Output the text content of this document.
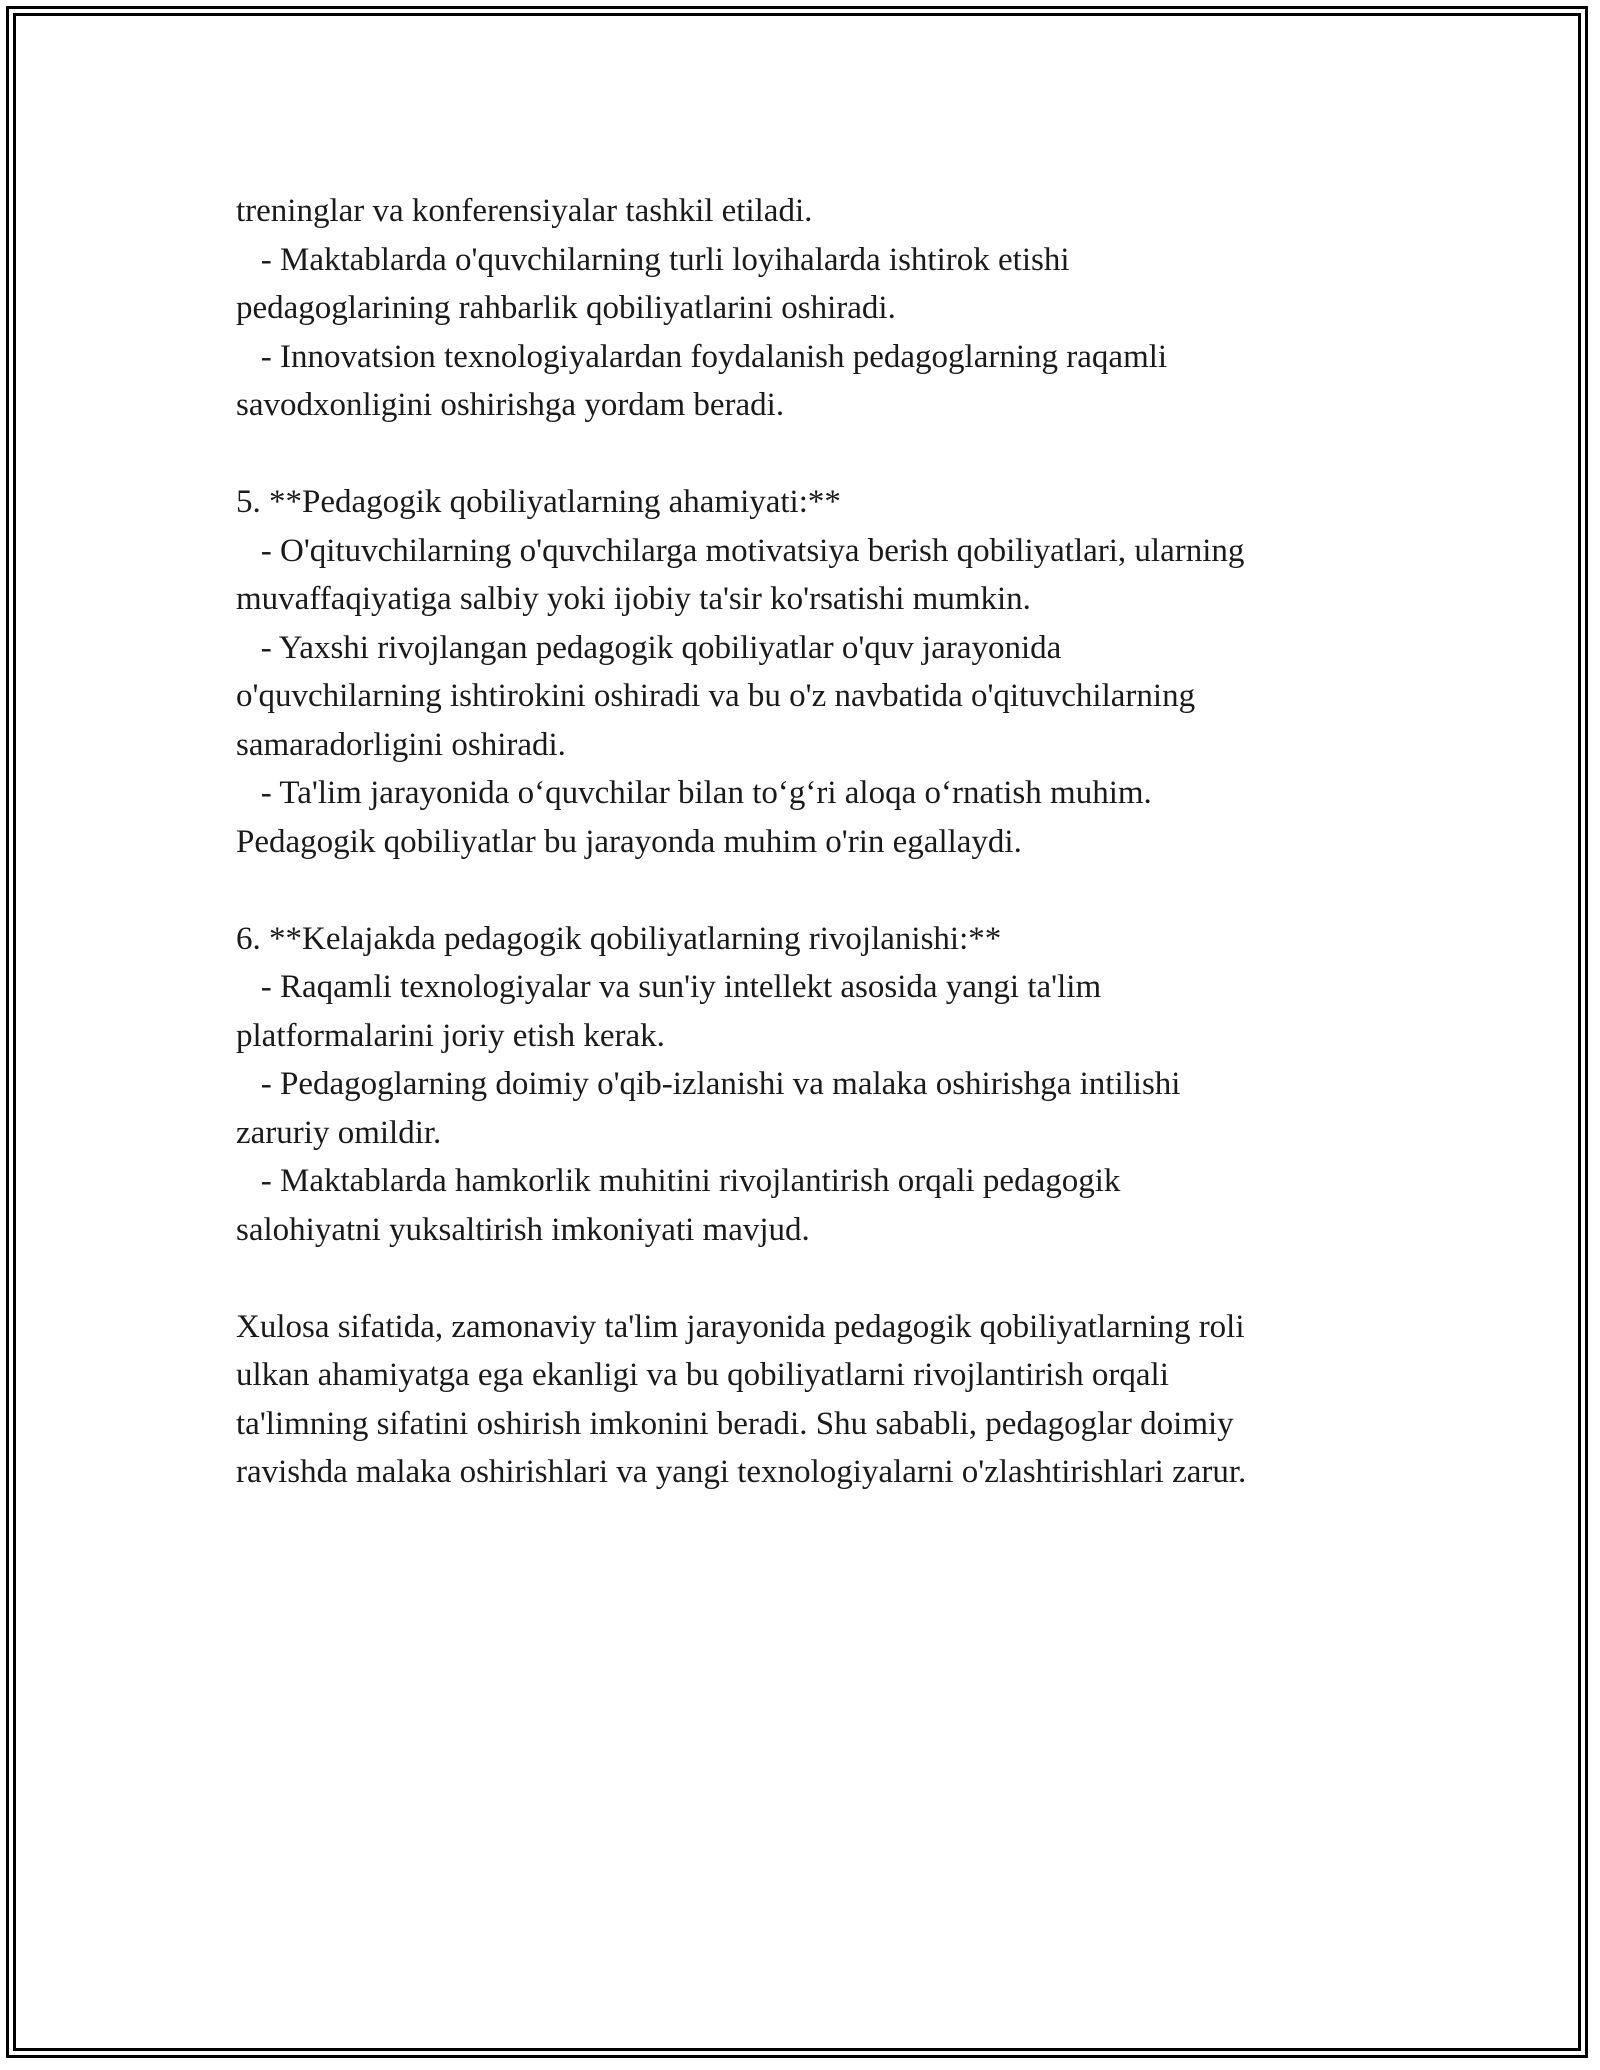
treninglar va konferensiyalar tashkil etiladi.
- Maktablarda o'quvchilarning turli loyihalarda ishtirok etishi
pedagoglarining rahbarlik qobiliyatlarini oshiradi.
- Innovatsion texnologiyalardan foydalanish pedagoglarning raqamli
savodxonligini oshirishga yordam beradi.
5. **Pedagogik qobiliyatlarning ahamiyati:**
- O'qituvchilarning o'quvchilarga motivatsiya berish qobiliyatlari, ularning
muvaffaqiyatiga salbiy yoki ijobiy ta'sir ko'rsatishi mumkin.
- Yaxshi rivojlangan pedagogik qobiliyatlar o'quv jarayonida
o'quvchilarning ishtirokini oshiradi va bu o'z navbatida o'qituvchilarning
samaradorligini oshiradi.
- Ta'lim jarayonida o‘quvchilar bilan to‘g‘ri aloqa o‘rnatish muhim.
Pedagogik qobiliyatlar bu jarayonda muhim o'rin egallaydi.
6. **Kelajakda pedagogik qobiliyatlarning rivojlanishi:**
- Raqamli texnologiyalar va sun'iy intellekt asosida yangi ta'lim
platformalarini joriy etish kerak.
- Pedagoglarning doimiy o'qib-izlanishi va malaka oshirishga intilishi
zaruriy omildir.
- Maktablarda hamkorlik muhitini rivojlantirish orqali pedagogik
salohiyatni yuksaltirish imkoniyati mavjud.
Xulosa sifatida, zamonaviy ta'lim jarayonida pedagogik qobiliyatlarning roli
ulkan ahamiyatga ega ekanligi va bu qobiliyatlarni rivojlantirish orqali
ta'limning sifatini oshirish imkonini beradi. Shu sababli, pedagoglar doimiy
ravishda malaka oshirishlari va yangi texnologiyalarni o'zlashtirishlari zarur.
